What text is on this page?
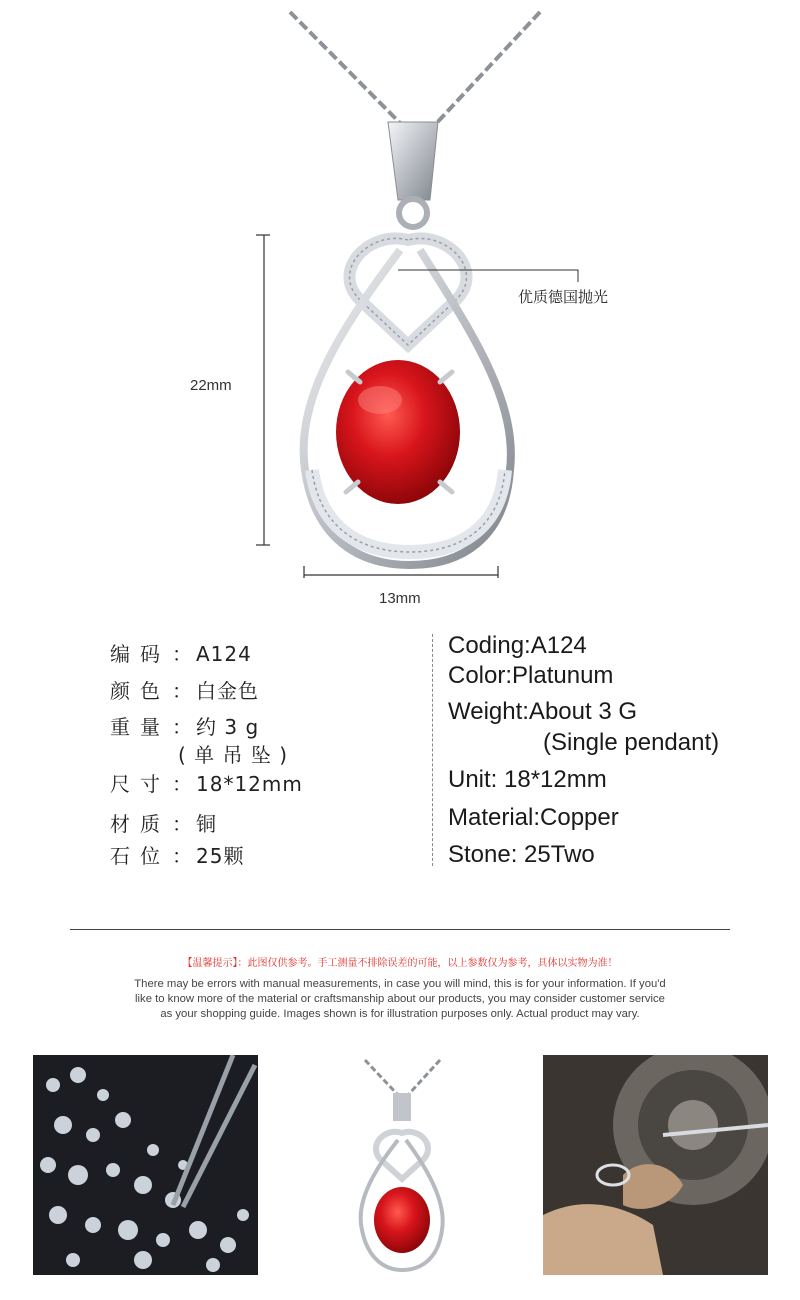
22mm
13mm
优质德国抛光
编码 ： A124
颜色 ： 白金色
重量 ： 约 3 g
( 单 吊 坠 )
尺寸 ： 18*12mm
材质 ： 铜
石位 ： 25颗
Coding:A124
Color:Platunum
Weight:About 3 G
(Single pendant)
Unit: 18*12mm
Material:Copper
Stone: 25Two
【温馨提示】：此图仅供参考。手工测量不排除误差的可能，以上参数仅为参考，具体以实物为准！
There may be errors with manual measurements, in case you will mind, this is for your information. If you'd
like to know more of the material or craftsmanship about our products, you may consider customer service
as your shopping guide. Images shown is for illustration purposes only. Actual product may vary.
